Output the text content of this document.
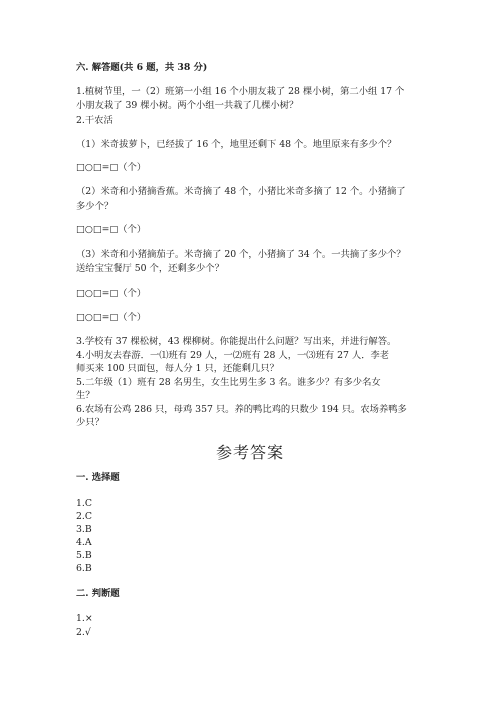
六. 解答题(共 6 题，共 38 分)
1.植树节里，一（2）班第一小组 16 个小朋友栽了 28 棵小树，第二小组 17 个
小朋友栽了 39 棵小树。两个小组一共栽了几棵小树？
2.干农活
（1）米奇拔萝卜，已经拔了 16 个，地里还剩下 48 个。地里原来有多少个？
□○□=□（个）
（2）米奇和小猪摘香蕉。米奇摘了 48 个，小猪比米奇多摘了 12 个。小猪摘了
多少个？
□○□=□（个）
（3）米奇和小猪摘茄子。米奇摘了 20 个，小猪摘了 34 个。一共摘了多少个？
送给宝宝餐厅 50 个，还剩多少个？
□○□=□（个）
□○□=□（个）
3.学校有 37 棵松树，43 棵柳树。你能提出什么问题？写出来，并进行解答。
4.小明友去春游．一⑴班有 29 人，一⑵班有 28 人，一⑶班有 27 人．李老
师买来 100 只面包，每人分 1 只，还能剩几只？
5.二年级（1）班有 28 名男生，女生比男生多 3 名。谁多少？有多少名女
生？
6.农场有公鸡 286 只，母鸡 357 只。养的鸭比鸡的只数少 194 只。农场养鸭多
少只？
参考答案
一. 选择题
1.C
2.C
3.B
4.A
5.B
6.B
二. 判断题
1.×
2.√
